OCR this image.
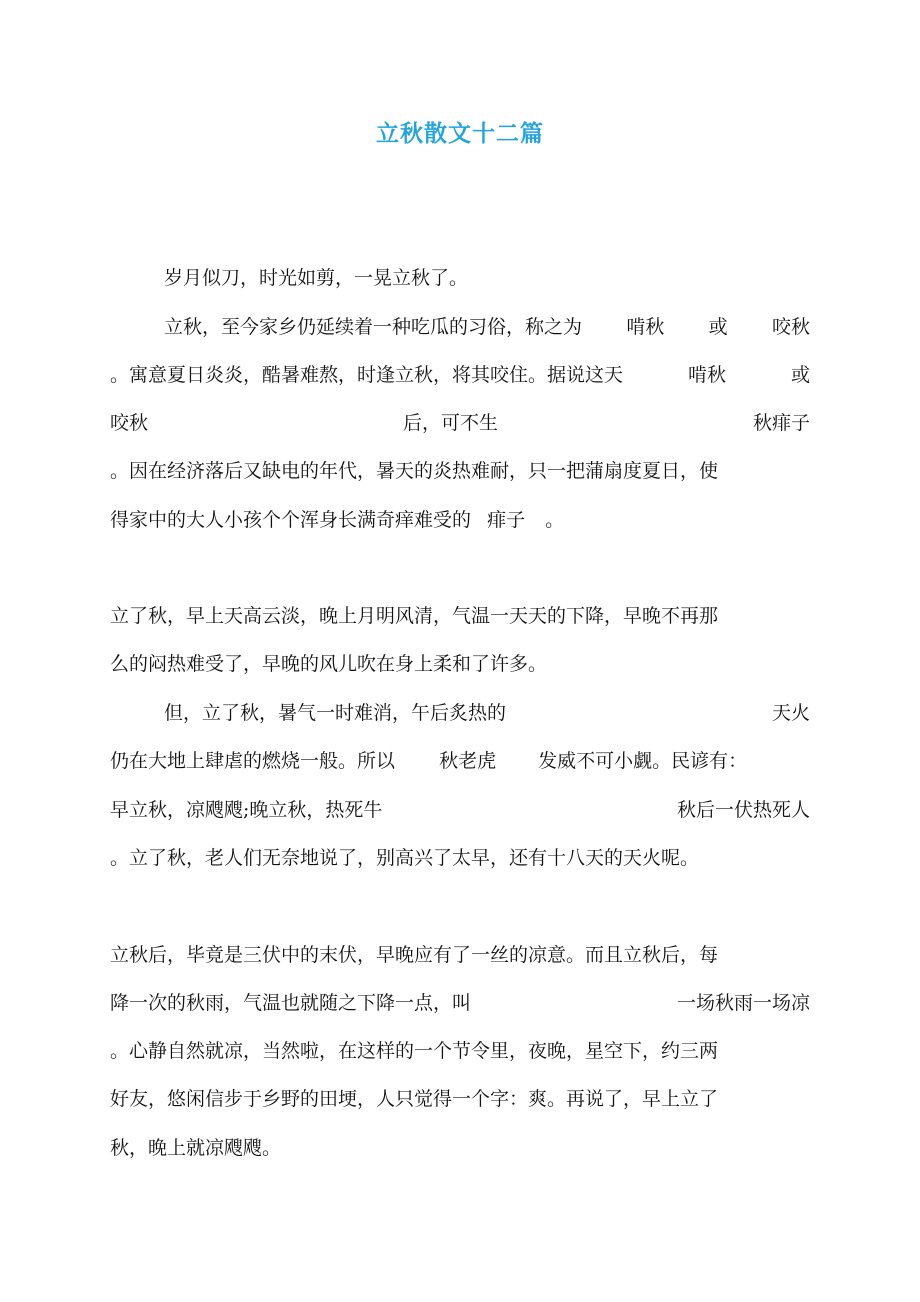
立秋散文十二篇
岁月似刀，时光如剪，一晃立秋了。
立秋，至今家乡仍延续着一种吃瓜的习俗，称之为 啃秋 或 咬秋
。寓意夏日炎炎，酷暑难熬，时逢立秋，将其咬住。据说这天	啃秋	或
咬秋	后，可不生	秋痱子
。因在经济落后又缺电的年代，暑天的炎热难耐，只一把蒲扇度夏日，使
得家中的大人小孩个个浑身长满奇痒难受的 痱子 。
立了秋，早上天高云淡，晚上月明风清，气温一天天的下降，早晚不再那
么的闷热难受了，早晚的风儿吹在身上柔和了许多。
但，立了秋，暑气一时难消，午后炙热的	天火
仍在大地上肆虐的燃烧一般。所以 秋老虎 发威不可小觑。民谚有：
早立秋，凉飕飕;晚立秋，热死牛	秋后一伏热死人
。立了秋，老人们无奈地说了，别高兴了太早，还有十八天的天火呢。
立秋后，毕竟是三伏中的末伏，早晚应有了一丝的凉意。而且立秋后，每
降一次的秋雨，气温也就随之下降一点，叫	一场秋雨一场凉
。心静自然就凉，当然啦，在这样的一个节令里，夜晚，星空下，约三两
好友，悠闲信步于乡野的田埂，人只觉得一个字：爽。再说了，早上立了
秋，晚上就凉飕飕。
